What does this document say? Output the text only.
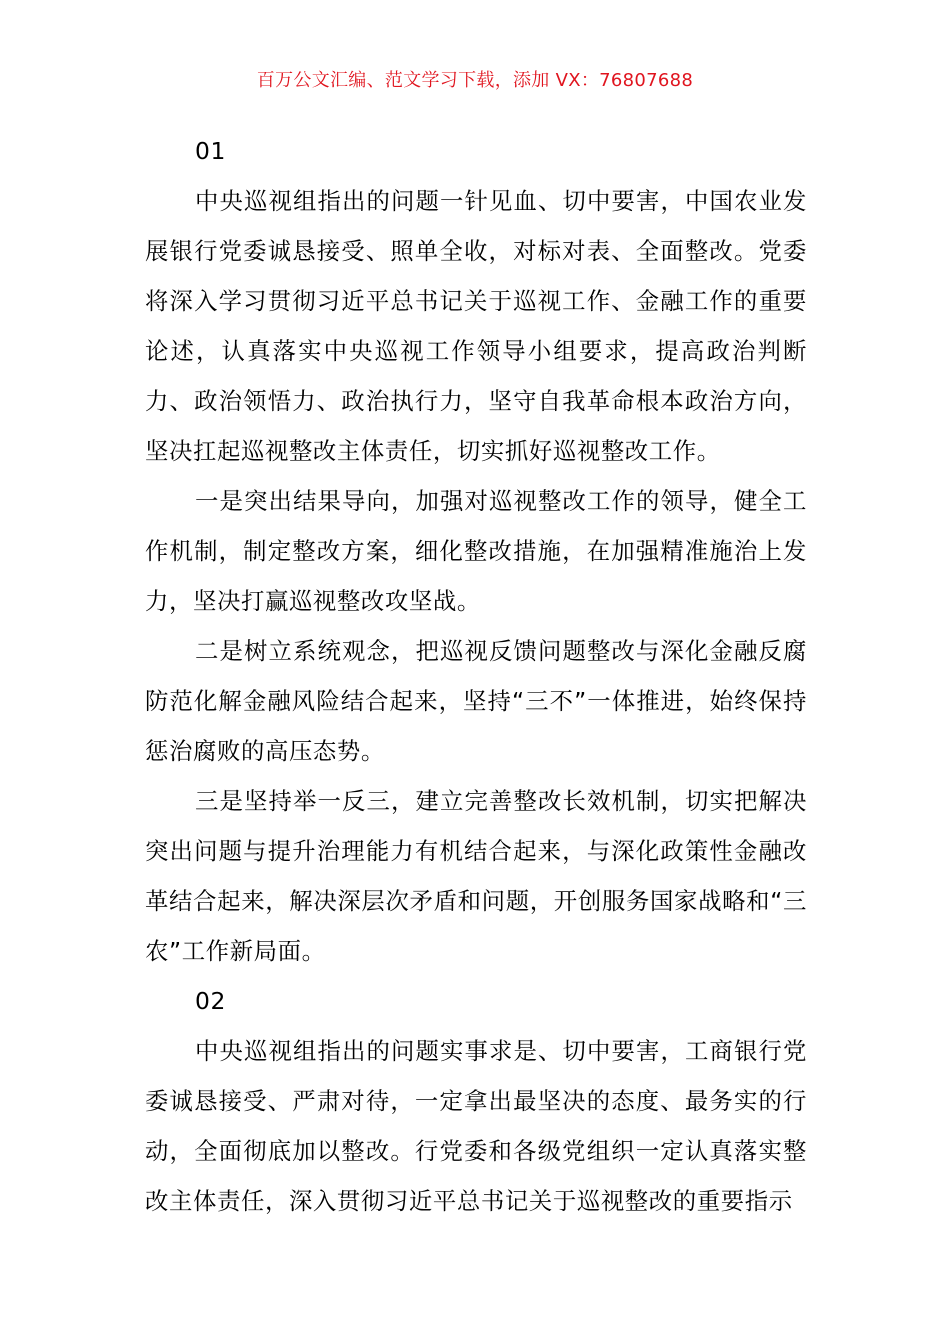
百万公文汇编、范文学习下载，添加 VX：76807688

01

中央巡视组指出的问题一针见血、切中要害，中国农业发展银行党委诚恳接受、照单全收，对标对表、全面整改。党委将深入学习贯彻习近平总书记关于巡视工作、金融工作的重要论述，认真落实中央巡视工作领导小组要求，提高政治判断力、政治领悟力、政治执行力，坚守自我革命根本政治方向，坚决扛起巡视整改主体责任，切实抓好巡视整改工作。

一是突出结果导向，加强对巡视整改工作的领导，健全工作机制，制定整改方案，细化整改措施，在加强精准施治上发力，坚决打赢巡视整改攻坚战。

二是树立系统观念，把巡视反馈问题整改与深化金融反腐防范化解金融风险结合起来，坚持“三不”一体推进，始终保持惩治腐败的高压态势。

三是坚持举一反三，建立完善整改长效机制，切实把解决突出问题与提升治理能力有机结合起来，与深化政策性金融改革结合起来，解决深层次矛盾和问题，开创服务国家战略和“三农”工作新局面。

02

中央巡视组指出的问题实事求是、切中要害，工商银行党委诚恳接受、严肃对待，一定拿出最坚决的态度、最务实的行动，全面彻底加以整改。行党委和各级党组织一定认真落实整改主体责任，深入贯彻习近平总书记关于巡视整改的重要指示
